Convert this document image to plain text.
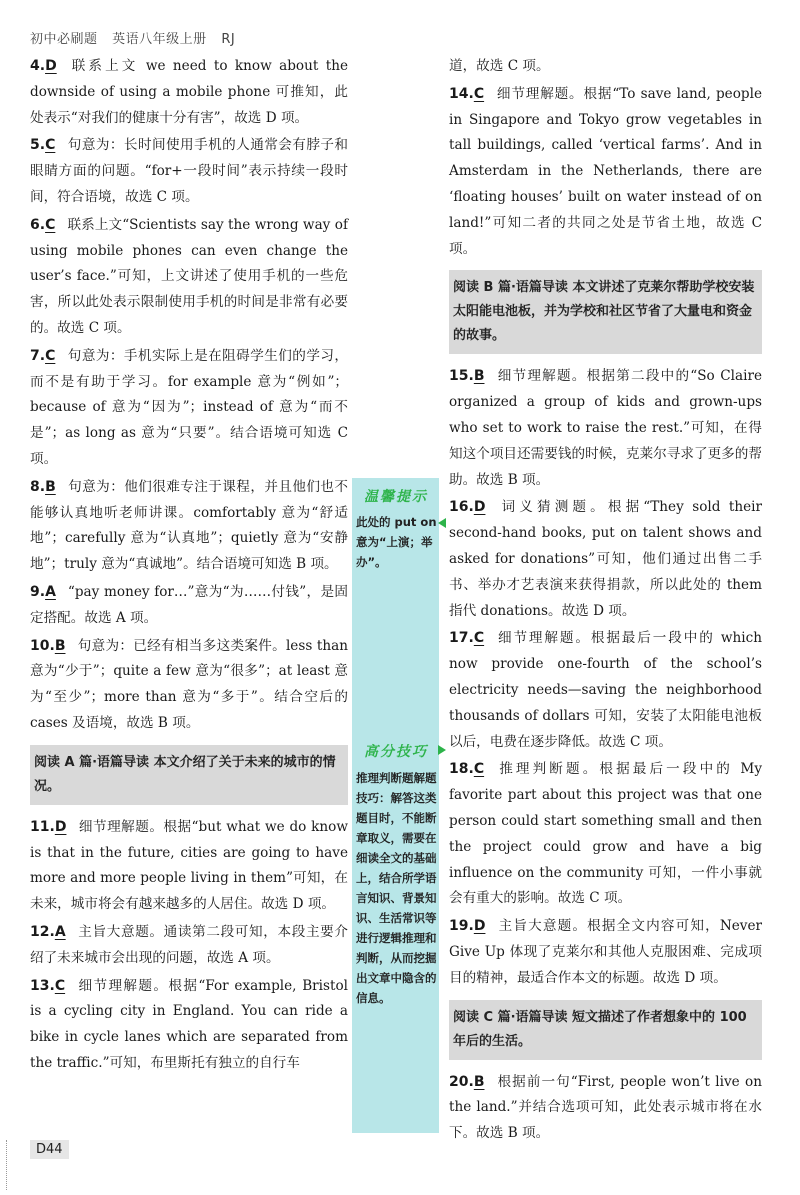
初中必刷题 英语八年级上册 RJ
4.D 联系上文 we need to know about the downside of using a mobile phone 可推知，此处表示“对我们的健康十分有害”，故选 D 项。
5.C 句意为：长时间使用手机的人通常会有脖子和眼睛方面的问题。“for+一段时间”表示持续一段时间，符合语境，故选 C 项。
6.C 联系上文“Scientists say the wrong way of using mobile phones can even change the user’s face.”可知，上文讲述了使用手机的一些危害，所以此处表示限制使用手机的时间是非常有必要的。故选 C 项。
7.C 句意为：手机实际上是在阻碍学生们的学习，而不是有助于学习。for example 意为“例如”；because of 意为“因为”；instead of 意为“而不是”；as long as 意为“只要”。结合语境可知选 C 项。
8.B 句意为：他们很难专注于课程，并且他们也不能够认真地听老师讲课。comfortably 意为“舒适地”；carefully 意为“认真地”；quietly 意为“安静地”；truly 意为“真诚地”。结合语境可知选 B 项。
9.A “pay money for…”意为“为……付钱”，是固定搭配。故选 A 项。
10.B 句意为：已经有相当多这类案件。less than 意为“少于”；quite a few 意为“很多”；at least 意为“至少”；more than 意为“多于”。结合空后的 cases 及语境，故选 B 项。
阅读 A 篇·语篇导读 本文介绍了关于未来的城市的情况。
11.D 细节理解题。根据“but what we do know is that in the future, cities are going to have more and more people living in them”可知，在未来，城市将会有越来越多的人居住。故选 D 项。
12.A 主旨大意题。通读第二段可知，本段主要介绍了未来城市会出现的问题，故选 A 项。
13.C 细节理解题。根据“For example, Bristol is a cycling city in England. You can ride a bike in cycle lanes which are separated from the traffic.”可知，布里斯托有独立的自行车
道，故选 C 项。
14.C 细节理解题。根据“To save land, people in Singapore and Tokyo grow vegetables in tall buildings, called ‘vertical farms’. And in Amsterdam in the Netherlands, there are ‘floating houses’ built on water instead of on land!”可知二者的共同之处是节省土地，故选 C 项。
阅读 B 篇·语篇导读 本文讲述了克莱尔帮助学校安装太阳能电池板，并为学校和社区节省了大量电和资金的故事。
15.B 细节理解题。根据第二段中的“So Claire organized a group of kids and grown-ups who set to work to raise the rest.”可知，在得知这个项目还需要钱的时候，克莱尔寻求了更多的帮助。故选 B 项。
16.D 词义猜测题。根据“They sold their second-hand books, put on talent shows and asked for donations”可知，他们通过出售二手书、举办才艺表演来获得捐款，所以此处的 them 指代 donations。故选 D 项。
17.C 细节理解题。根据最后一段中的 which now provide one-fourth of the school’s electricity needs—saving the neighborhood thousands of dollars 可知，安装了太阳能电池板以后，电费在逐步降低。故选 C 项。
18.C 推理判断题。根据最后一段中的 My favorite part about this project was that one person could start something small and then the project could grow and have a big influence on the community 可知，一件小事就会有重大的影响。故选 C 项。
19.D 主旨大意题。根据全文内容可知，Never Give Up 体现了克莱尔和其他人克服困难、完成项目的精神，最适合作本文的标题。故选 D 项。
阅读 C 篇·语篇导读 短文描述了作者想象中的 100 年后的生活。
20.B 根据前一句“First, people won’t live on the land.”并结合选项可知，此处表示城市将在水下。故选 B 项。
温馨提示
此处的 put on 意为“上演；举办”。
高分技巧
推理判断题解题技巧：解答这类题目时，不能断章取义，需要在细读全文的基础上，结合所学语言知识、背景知识、生活常识等进行逻辑推理和判断，从而挖掘出文章中隐含的信息。
D44
